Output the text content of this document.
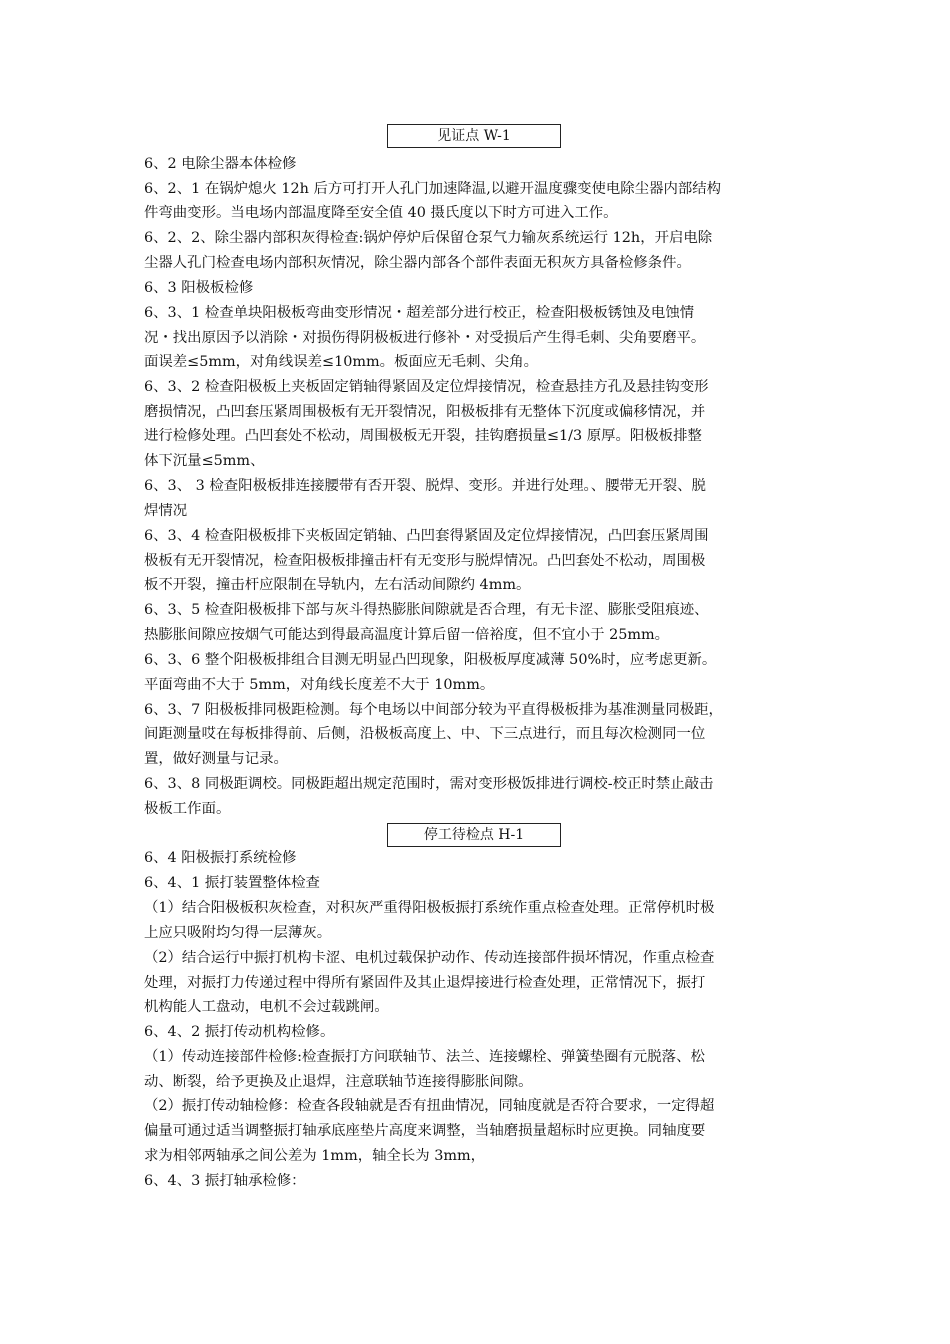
见证点 W-1
停工待检点 H-1
6、2 电除尘器本体检修
6、2、1 在锅炉熄火 12h 后方可打开人孔门加速降温,以避开温度骤变使电除尘器内部结构
件弯曲变形。当电场内部温度降至安全值 40 摄氏度以下时方可进入工作。
6、2、2、除尘器内部积灰得检查:锅炉停炉后保留仓泵气力输灰系统运行 12h，开启电除
尘器人孔门检查电场内部积灰情况，除尘器内部各个部件表面无积灰方具备检修条件。
6、3 阳极板检修
6、3、1 检查单块阳极板弯曲变形情况・超差部分进行校正，检查阳极板锈蚀及电蚀情
况・找出原因予以消除・对损伤得阴极板进行修补・对受损后产生得毛刺、尖角要磨平。
面误差≤5mm，对角线误差≤10mm。板面应无毛刺、尖角。
6、3、2 检查阳极板上夹板固定销轴得紧固及定位焊接情况，检查悬挂方孔及悬挂钩变形
磨损情况，凸凹套压紧周围极板有无开裂情况，阳极板排有无整体下沉度或偏移情况，并
进行检修处理。凸凹套处不松动，周围极板无开裂，挂钩磨损量≤1/3 原厚。阳极板排整
体下沉量≤5mm、
6、3、 3 检查阳极板排连接腰带有否开裂、脱焊、变形。并进行处理。、腰带无开裂、脱
焊情况
6、3、4 检查阳极板排下夹板固定销轴、凸凹套得紧固及定位焊接情况，凸凹套压紧周围
极板有无开裂情况，检查阳极板排撞击杆有无变形与脱焊情况。凸凹套处不松动，周围极
板不开裂，撞击杆应限制在导轨内，左右活动间隙约 4mm。
6、3、5 检查阳极板排下部与灰斗得热膨胀间隙就是否合理，有无卡涩、膨胀受阻痕迹、
热膨胀间隙应按烟气可能达到得最高温度计算后留一倍裕度，但不宜小于 25mm。
6、3、6 整个阳极板排组合目测无明显凸凹现象，阳极板厚度减薄 50%时，应考虑更新。
平面弯曲不大于 5mm，对角线长度差不大于 10mm。
6、3、7 阳极板排同极距检测。每个电场以中间部分较为平直得极板排为基准测量同极距，
间距测量哎在每板排得前、后侧，沿极板高度上、中、下三点进行，而且每次检测同一位
置，做好测量与记录。
6、3、8 同极距调校。同极距超出规定范围时，需对变形极饭排进行调校-校正时禁止敲击
极板工作面。
6、4 阳极振打系统检修
6、4、1 振打装置整体检查
（1）结合阳极板积灰检查，对积灰严重得阳极板振打系统作重点检查处理。正常停机时极
上应只吸附均匀得一层薄灰。
（2）结合运行中振打机构卡涩、电机过载保护动作、传动连接部件损坏情况，作重点检查
处理，对振打力传递过程中得所有紧固件及其止退焊接进行检查处理，正常情况下，振打
机构能人工盘动，电机不会过载跳闸。
6、4、2 振打传动机构检修。
（1）传动连接部件检修:检查振打方问联轴节、法兰、连接螺栓、弹簧垫圈有元脱落、松
动、断裂，给予更换及止退焊，注意联轴节连接得膨胀间隙。
（2）振打传动轴检修：检查各段轴就是否有扭曲情况，同轴度就是否符合要求，一定得超
偏量可通过适当调整振打轴承底座垫片高度来调整，当轴磨损量超标时应更换。同轴度要
求为相邻两轴承之间公差为 1mm，轴全长为 3mm，
6、4、3 振打轴承检修：
